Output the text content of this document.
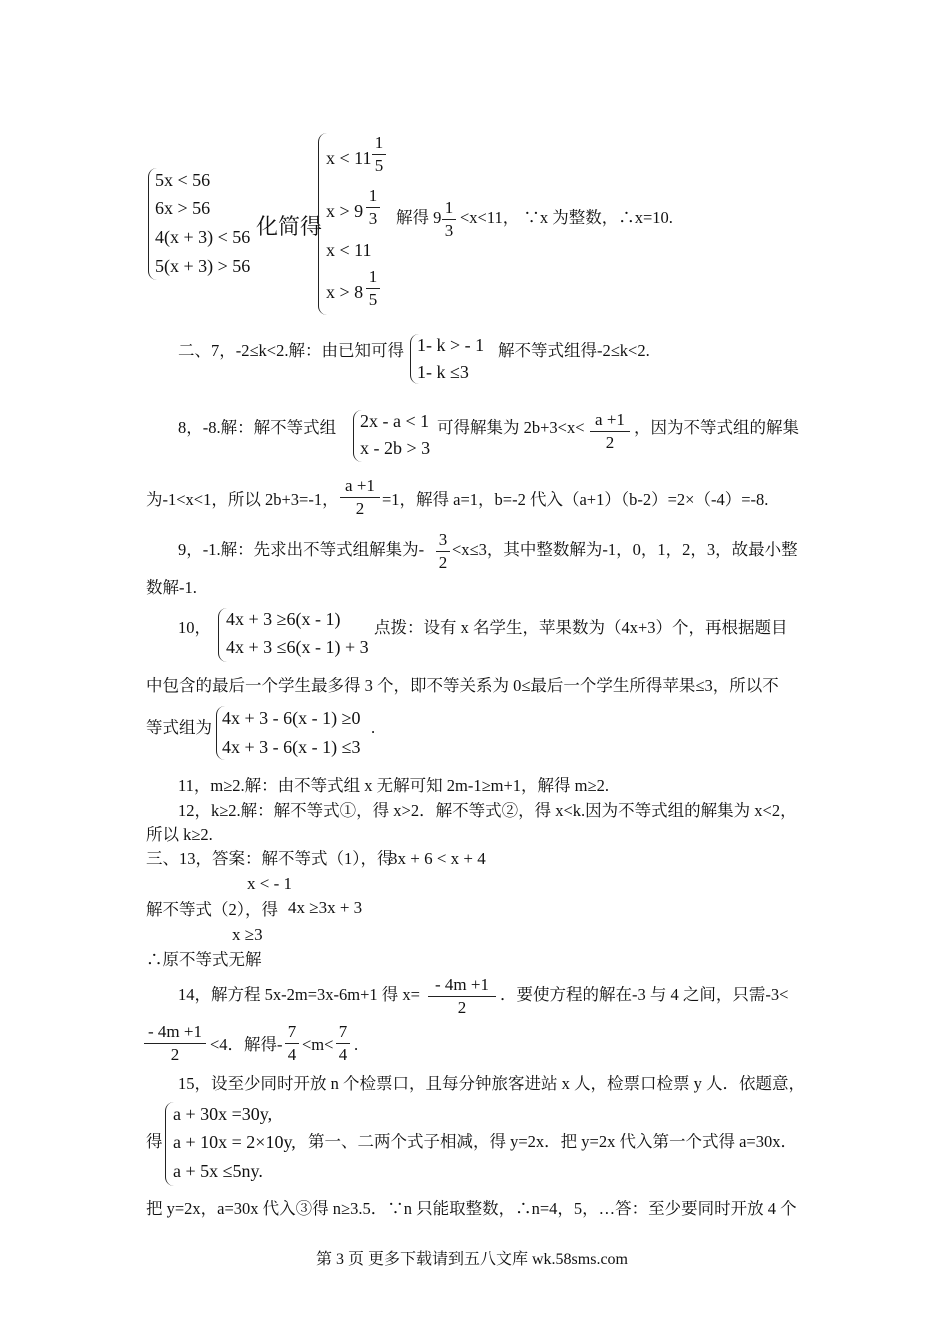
5x < 56
6x > 56
4(x + 3) < 56
5(x + 3) > 56
化简得
x < 11
1
5
x > 9
1
3
x < 11
x > 8
1
5
解得 9
1
3
<x<11， ∵x 为整数，∴x=10.
二、7，-2≤k<2.解：由已知可得 1- k > - 1
1- k ≤3
解不等式组得-2≤k<2.
8，-8.解：解不等式组 2x - a < 1
x - 2b > 3
可得解集为 2b+3<x< a +1
2
，因为不等式组的解集
为-1<x<1，所以 2b+3=-1，
a +1
2	=1，解得 a=1，b=-2 代入（a+1）（b-2）=2×（-4）=-8.
9，-1.解：先求出不等式组解集为-
3
2
<x≤3，其中整数解为-1，0，1，2，3，故最小整
数解-1.
10， 4x + 3 ≥6(x - 1)
4x + 3 ≤6(x - 1) + 3
点拨：设有 x 名学生，苹果数为（4x+3）个，再根据题目
中包含的最后一个学生最多得 3 个，即不等关系为 0≤最后一个学生所得苹果≤3，所以不
等式组为 4x + 3 - 6(x - 1) ≥0
4x + 3 - 6(x - 1) ≤3
.
11，m≥2.解：由不等式组 x 无解可知 2m-1≥m+1，解得 m≥2.
12，k≥2.解：解不等式①，得 x>2．解不等式②，得 x<k.因为不等式组的解集为 x<2，
所以 k≥2.
三、13，答案：解不等式（1），得
3x + 6 < x + 4
x < - 1
解不等式（2），得 4x ≥3x + 3
x ≥3
∴原不等式无解
14，解方程 5x-2m=3x-6m+1 得 x=
- 4m +1
2
．要使方程的解在-3 与 4 之间，只需-3<
- 4m +1
2
<4．解得-
7
4
<m<
7
4
.
15，设至少同时开放 n 个检票口，且每分钟旅客进站 x 人，检票口检票 y 人．依题意，
得
a + 30x =30y,
a + 10x = 2×10y,
a + 5x ≤5ny.
第一、二两个式子相减，得 y=2x．把 y=2x 代入第一个式得 a=30x．
把 y=2x，a=30x 代入③得 n≥3.5．∵n 只能取整数，∴n=4，5，…答：至少要同时开放 4 个
第 3 页 更多下载请到五八文库 wk.58sms.com
